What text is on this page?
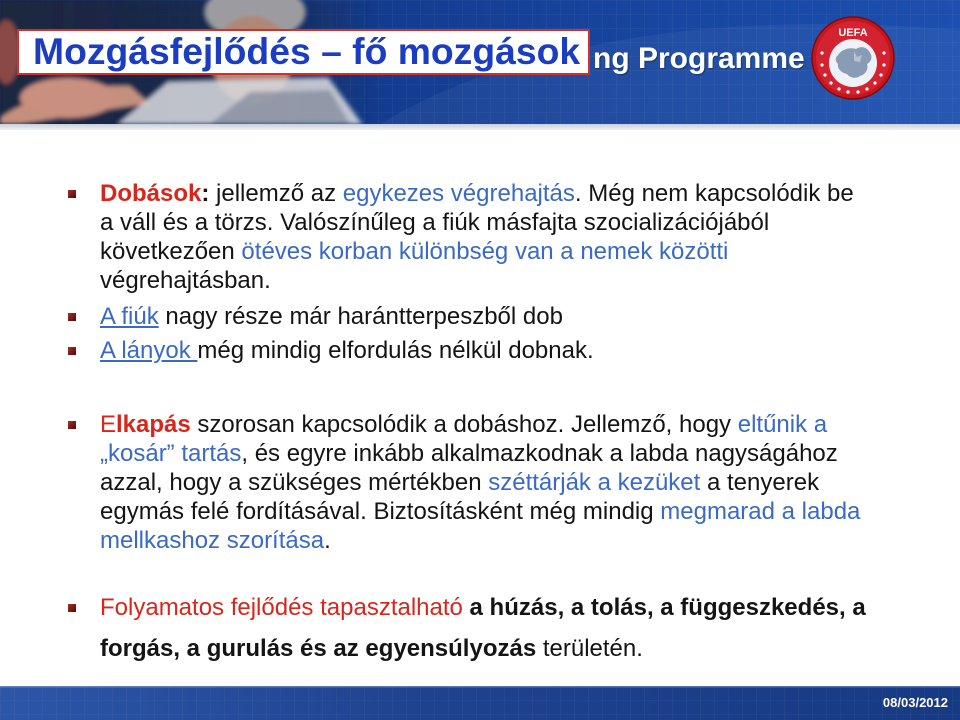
ng Programme
UEFA
Mozgásfejlődés – fő mozgások
Dobások: jellemző az egykezes végrehajtás. Még nem kapcsolódik be
a váll és a törzs. Valószínűleg a fiúk másfajta szocializációjából
következően ötéves korban különbség van a nemek közötti
végrehajtásban.
A fiúk nagy része már harántterpeszből dob
A lányok még mindig elfordulás nélkül dobnak.
Elkapás szorosan kapcsolódik a dobáshoz. Jellemző, hogy eltűnik a
„kosár” tartás, és egyre inkább alkalmazkodnak a labda nagyságához
azzal, hogy a szükséges mértékben széttárják a kezüket a tenyerek
egymás felé fordításával. Biztosításként még mindig megmarad a labda
mellkashoz szorítása.
Folyamatos fejlődés tapasztalható a húzás, a tolás, a függeszkedés, a
forgás, a gurulás és az egyensúlyozás területén.
08/03/2012
